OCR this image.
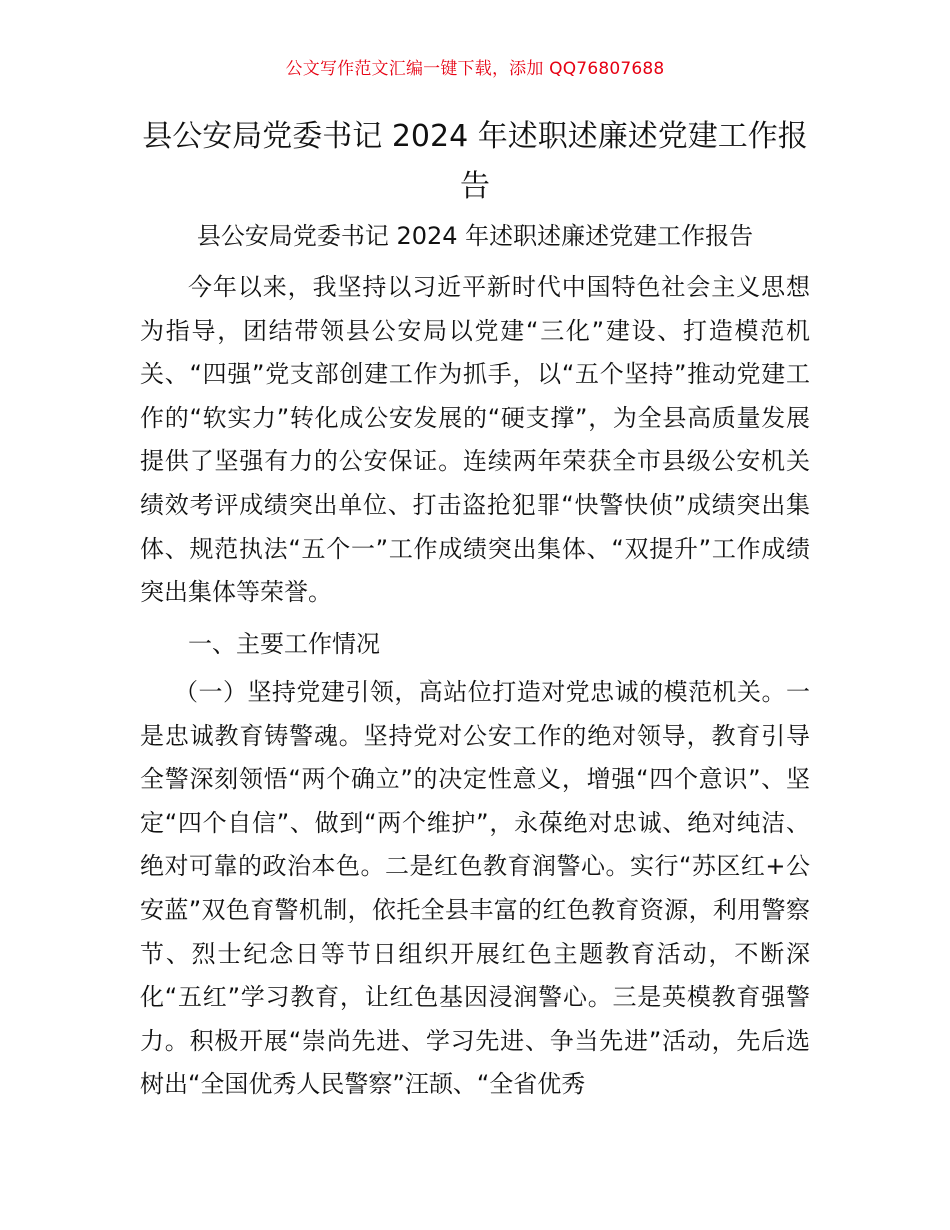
公文写作范文汇编一键下载，添加 QQ76807688
县公安局党委书记 2024 年述职述廉述党建工作报告
县公安局党委书记 2024 年述职述廉述党建工作报告

今年以来，我坚持以习近平新时代中国特色社会主义思想为指导，团结带领县公安局以党建“三化”建设、打造模范机关、“四强”党支部创建工作为抓手，以“五个坚持”推动党建工作的“软实力”转化成公安发展的“硬支撑”，为全县高质量发展提供了坚强有力的公安保证。连续两年荣获全市县级公安机关绩效考评成绩突出单位、打击盗抢犯罪“快警快侦”成绩突出集体、规范执法“五个一”工作成绩突出集体、“双提升”工作成绩突出集体等荣誉。

一、主要工作情况

（一）坚持党建引领，高站位打造对党忠诚的模范机关。一是忠诚教育铸警魂。坚持党对公安工作的绝对领导，教育引导全警深刻领悟“两个确立”的决定性意义，增强“四个意识”、坚定“四个自信”、做到“两个维护”，永葆绝对忠诚、绝对纯洁、绝对可靠的政治本色。二是红色教育润警心。实行“苏区红+公安蓝”双色育警机制，依托全县丰富的红色教育资源，利用警察节、烈士纪念日等节日组织开展红色主题教育活动，不断深化“五红”学习教育，让红色基因浸润警心。三是英模教育强警力。积极开展“崇尚先进、学习先进、争当先进”活动，先后选树出“全国优秀人民警察”汪颉、“全省优秀
